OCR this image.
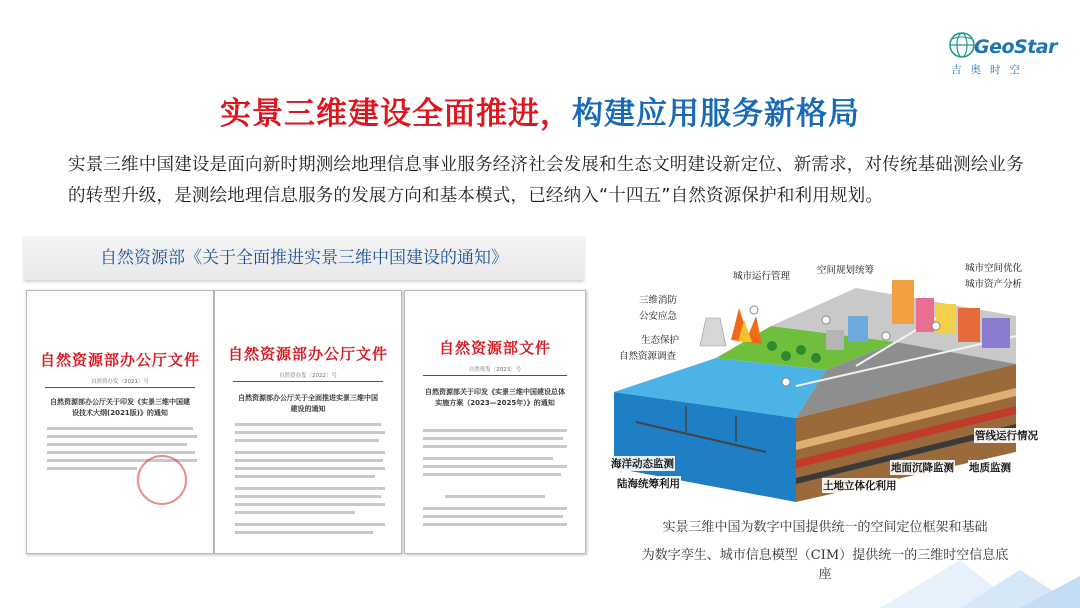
GeoStar
吉奥时空
实景三维建设全面推进，构建应用服务新格局
实景三维中国建设是面向新时期测绘地理信息事业服务经济社会发展和生态文明建设新定位、新需求，对传统基础测绘业务的转型升级，是测绘地理信息服务的发展方向和基本模式，已经纳入“十四五”自然资源保护和利用规划。
自然资源部《关于全面推进实景三维中国建设的通知》
自然资源部办公厅文件
自然资办发〔2021〕号
自然资源部办公厅关于印发《实景三维中国建设技术大纲(2021版)》的通知
自然资源部办公厅文件
自然资办发〔2022〕号
自然资源部办公厅关于全面推进实景三维中国建设的通知
自然资源部文件
自然资发〔2023〕号
自然资源部关于印发《实景三维中国建设总体实施方案（2023—2025年）》的通知
城市运行管理
空间规划统筹	城市空间优化
城市资产分析
三维消防
公安应急
生态保护
自然资源调查
管线运行情况
海洋动态监测
陆海统筹利用
地面沉降监测 地质监测
土地立体化利用
实景三维中国为数字中国提供统一的空间定位框架和基础
为数字孪生、城市信息模型（CIM）提供统一的三维时空信息底座
